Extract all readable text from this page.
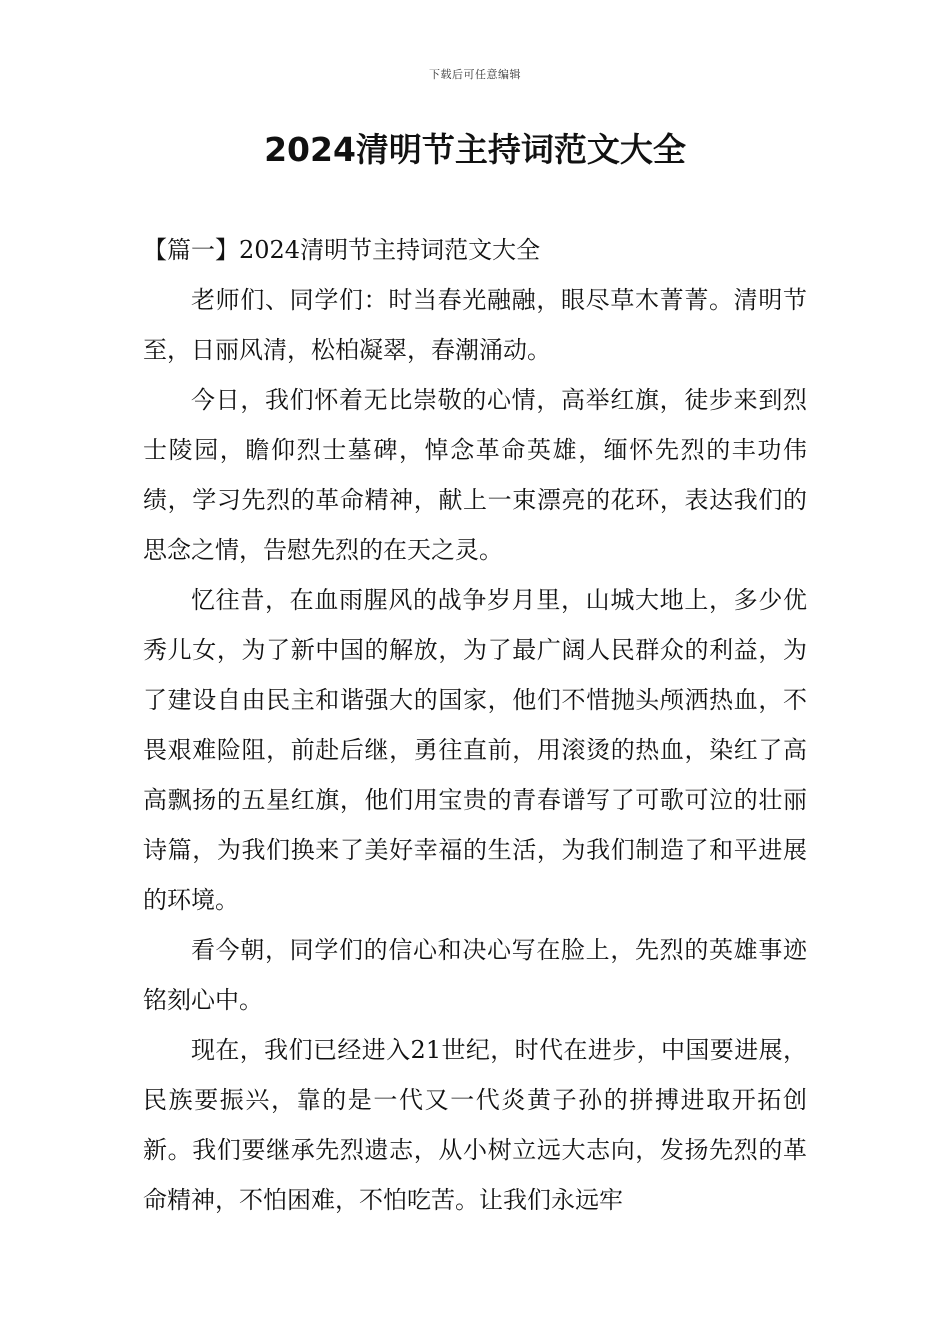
下载后可任意编辑
2024清明节主持词范文大全

【篇一】2024清明节主持词范文大全

老师们、同学们：时当春光融融，眼尽草木菁菁。清明节至，日丽风清，松柏凝翠，春潮涌动。

今日，我们怀着无比崇敬的心情，高举红旗，徒步来到烈士陵园，瞻仰烈士墓碑，悼念革命英雄，缅怀先烈的丰功伟绩，学习先烈的革命精神，献上一束漂亮的花环，表达我们的思念之情，告慰先烈的在天之灵。

忆往昔，在血雨腥风的战争岁月里，山城大地上，多少优秀儿女，为了新中国的解放，为了最广阔人民群众的利益，为了建设自由民主和谐强大的国家，他们不惜抛头颅洒热血，不畏艰难险阻，前赴后继，勇往直前，用滚烫的热血，染红了高高飘扬的五星红旗，他们用宝贵的青春谱写了可歌可泣的壮丽诗篇，为我们换来了美好幸福的生活，为我们制造了和平进展的环境。

看今朝，同学们的信心和决心写在脸上，先烈的英雄事迹铭刻心中。

现在，我们已经进入21世纪，时代在进步，中国要进展，民族要振兴，靠的是一代又一代炎黄子孙的拼搏进取开拓创新。我们要继承先烈遗志，从小树立远大志向，发扬先烈的革命精神，不怕困难，不怕吃苦。让我们永远牢
